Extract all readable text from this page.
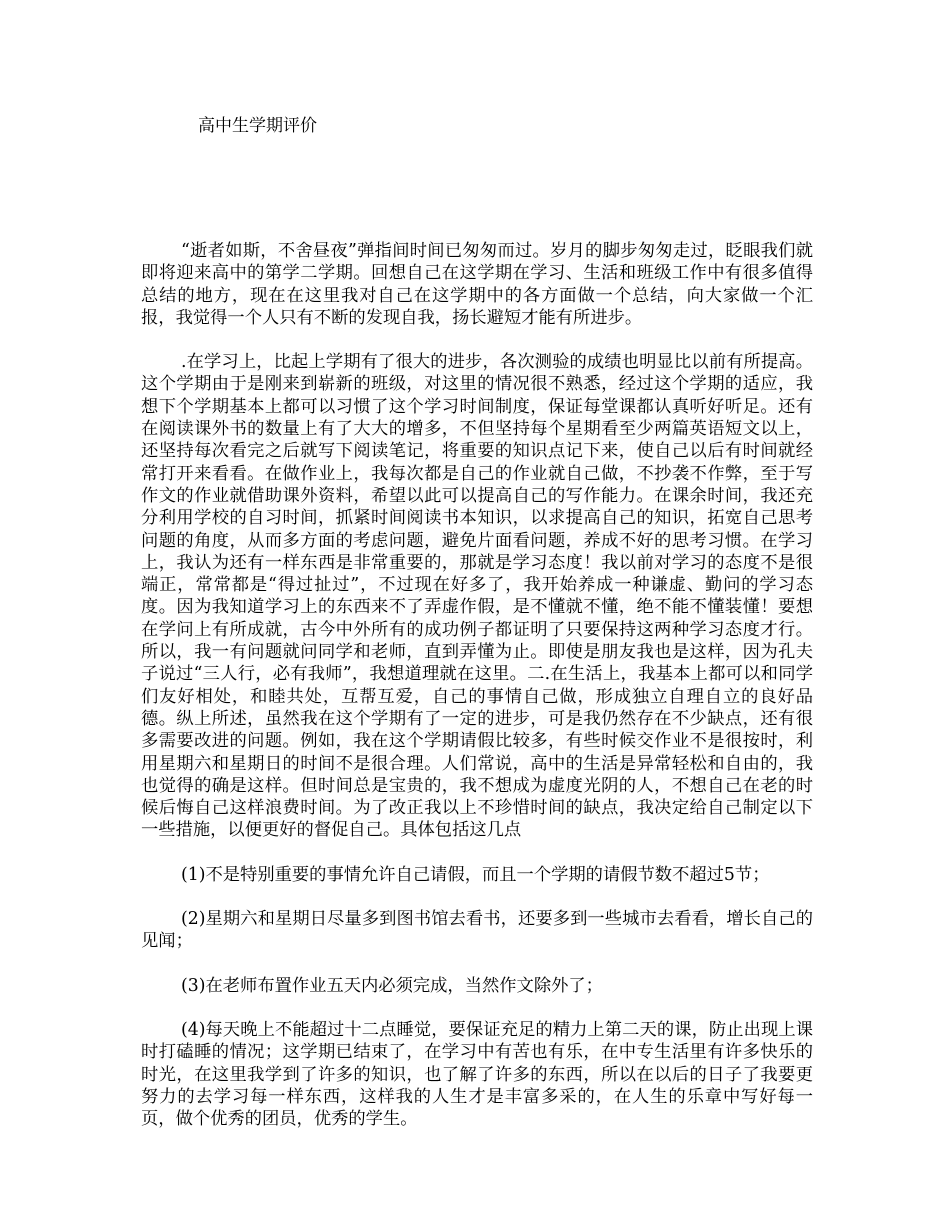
高中生学期评价

“逝者如斯，不舍昼夜”弹指间时间已匆匆而过。岁月的脚步匆匆走过，眨眼我们就即将迎来高中的第学二学期。回想自己在这学期在学习、生活和班级工作中有很多值得总结的地方，现在在这里我对自己在这学期中的各方面做一个总结，向大家做一个汇报，我觉得一个人只有不断的发现自我，扬长避短才能有所进步。

.在学习上，比起上学期有了很大的进步，各次测验的成绩也明显比以前有所提高。这个学期由于是刚来到崭新的班级，对这里的情况很不熟悉，经过这个学期的适应，我想下个学期基本上都可以习惯了这个学习时间制度，保证每堂课都认真听好听足。还有在阅读课外书的数量上有了大大的增多，不但坚持每个星期看至少两篇英语短文以上，还坚持每次看完之后就写下阅读笔记，将重要的知识点记下来，使自己以后有时间就经常打开来看看。在做作业上，我每次都是自己的作业就自己做，不抄袭不作弊，至于写作文的作业就借助课外资料，希望以此可以提高自己的写作能力。在课余时间，我还充分利用学校的自习时间，抓紧时间阅读书本知识，以求提高自己的知识，拓宽自己思考问题的角度，从而多方面的考虑问题，避免片面看问题，养成不好的思考习惯。在学习上，我认为还有一样东西是非常重要的，那就是学习态度！我以前对学习的态度不是很端正，常常都是“得过扯过”，不过现在好多了，我开始养成一种谦虚、勤问的学习态度。因为我知道学习上的东西来不了弄虚作假，是不懂就不懂，绝不能不懂装懂！要想在学问上有所成就，古今中外所有的成功例子都证明了只要保持这两种学习态度才行。所以，我一有问题就问同学和老师，直到弄懂为止。即使是朋友我也是这样，因为孔夫子说过“三人行，必有我师”，我想道理就在这里。二.在生活上，我基本上都可以和同学们友好相处，和睦共处，互帮互爱，自己的事情自己做，形成独立自理自立的良好品德。纵上所述，虽然我在这个学期有了一定的进步，可是我仍然存在不少缺点，还有很多需要改进的问题。例如，我在这个学期请假比较多，有些时候交作业不是很按时，利用星期六和星期日的时间不是很合理。人们常说，高中的生活是异常轻松和自由的，我也觉得的确是这样。但时间总是宝贵的，我不想成为虚度光阴的人，不想自己在老的时候后悔自己这样浪费时间。为了改正我以上不珍惜时间的缺点，我决定给自己制定以下一些措施，以便更好的督促自己。具体包括这几点

(1)不是特别重要的事情允许自己请假，而且一个学期的请假节数不超过5节；

(2)星期六和星期日尽量多到图书馆去看书，还要多到一些城市去看看，增长自己的见闻；

(3)在老师布置作业五天内必须完成，当然作文除外了；

(4)每天晚上不能超过十二点睡觉，要保证充足的精力上第二天的课，防止出现上课时打磕睡的情况；这学期已结束了，在学习中有苦也有乐，在中专生活里有许多快乐的时光，在这里我学到了许多的知识，也了解了许多的东西，所以在以后的日子了我要更努力的去学习每一样东西，这样我的人生才是丰富多采的，在人生的乐章中写好每一页，做个优秀的团员，优秀的学生。
